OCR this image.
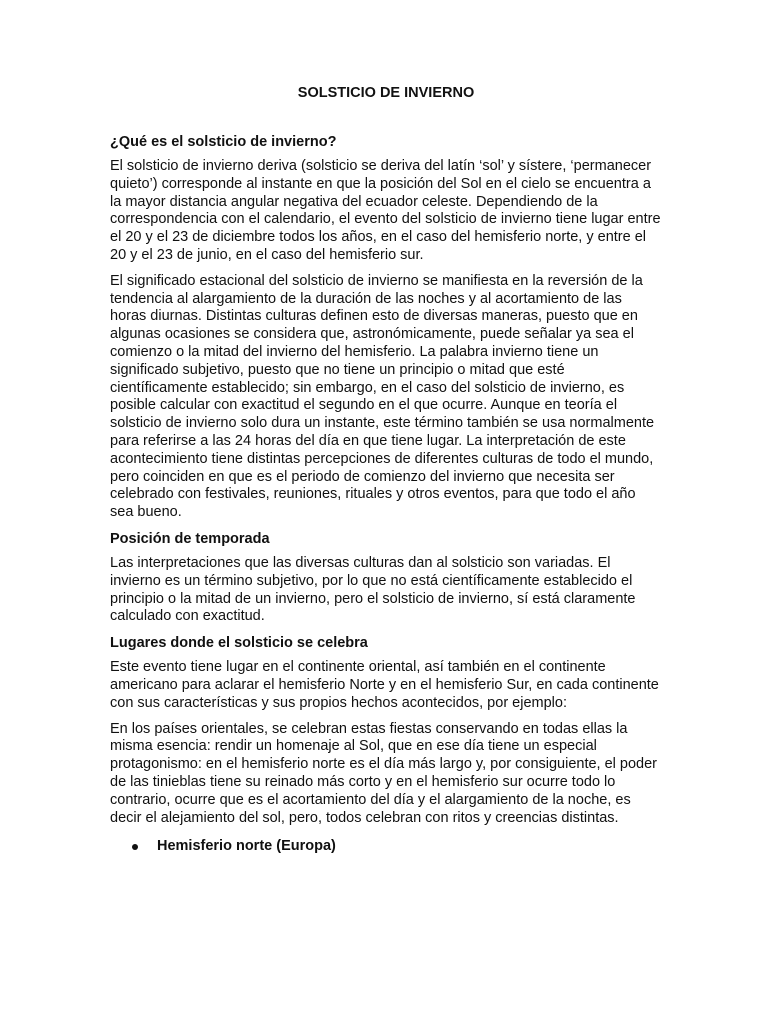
SOLSTICIO DE INVIERNO
¿Qué es el solsticio de invierno?

El solsticio de invierno deriva (solsticio se deriva del latín ‘sol’ y sístere, ‘permanecer quieto’) corresponde al instante en que la posición del Sol en el cielo se encuentra a la mayor distancia angular negativa del ecuador celeste. Dependiendo de la correspondencia con el calendario, el evento del solsticio de invierno tiene lugar entre el 20 y el 23 de diciembre todos los años, en el caso del hemisferio norte, y entre el 20 y el 23 de junio, en el caso del hemisferio sur.

El significado estacional del solsticio de invierno se manifiesta en la reversión de la tendencia al alargamiento de la duración de las noches y al acortamiento de las horas diurnas. Distintas culturas definen esto de diversas maneras, puesto que en algunas ocasiones se considera que, astronómicamente, puede señalar ya sea el comienzo o la mitad del invierno del hemisferio. La palabra invierno tiene un significado subjetivo, puesto que no tiene un principio o mitad que esté científicamente establecido; sin embargo, en el caso del solsticio de invierno, es posible calcular con exactitud el segundo en el que ocurre. Aunque en teoría el solsticio de invierno solo dura un instante, este término también se usa normalmente para referirse a las 24 horas del día en que tiene lugar. La interpretación de este acontecimiento tiene distintas percepciones de diferentes culturas de todo el mundo, pero coinciden en que es el periodo de comienzo del invierno que necesita ser celebrado con festivales, reuniones, rituales y otros eventos, para que todo el año sea bueno.

Posición de temporada

Las interpretaciones que las diversas culturas dan al solsticio son variadas. El invierno es un término subjetivo, por lo que no está científicamente establecido el principio o la mitad de un invierno, pero el solsticio de invierno, sí está claramente calculado con exactitud.

Lugares donde el solsticio se celebra

Este evento tiene lugar en el continente oriental, así también en el continente americano para aclarar el hemisferio Norte y en el hemisferio Sur, en cada continente con sus características y sus propios hechos acontecidos, por ejemplo:

En los países orientales, se celebran estas fiestas conservando en todas ellas la misma esencia: rendir un homenaje al Sol, que en ese día tiene un especial protagonismo: en el hemisferio norte es el día más largo y, por consiguiente, el poder de las tinieblas tiene su reinado más corto y en el hemisferio sur ocurre todo lo contrario, ocurre que es el acortamiento del día y el alargamiento de la noche, es decir el alejamiento del sol, pero, todos celebran con ritos y creencias distintas.

Hemisferio norte (Europa)
